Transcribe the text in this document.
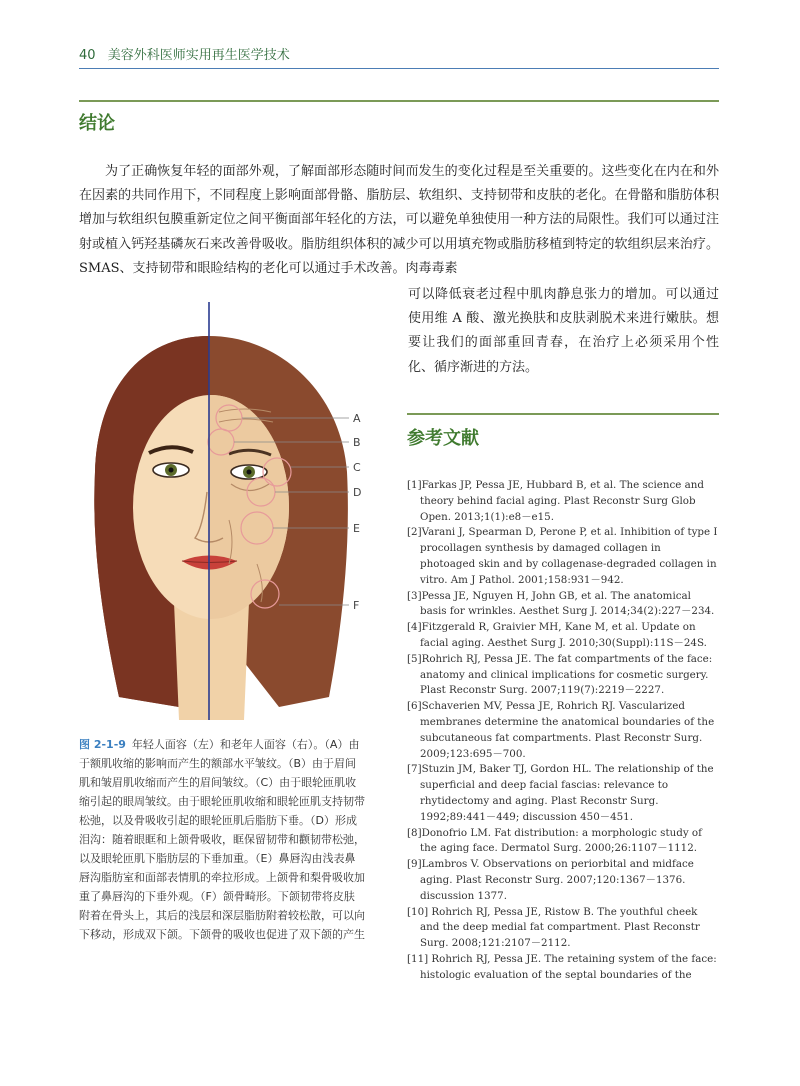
40 美容外科医师实用再生医学技术
结论

为了正确恢复年轻的面部外观，了解面部形态随时间而发生的变化过程是至关重要的。这些变化在内在和外在因素的共同作用下，不同程度上影响面部骨骼、脂肪层、软组织、支持韧带和皮肤的老化。在骨骼和脂肪体积增加与软组织包膜重新定位之间平衡面部年轻化的方法，可以避免单独使用一种方法的局限性。我们可以通过注射或植入钙羟基磷灰石来改善骨吸收。脂肪组织体积的减少可以用填充物或脂肪移植到特定的软组织层来治疗。SMAS、支持韧带和眼睑结构的老化可以通过手术改善。肉毒毒素

可以降低衰老过程中肌肉静息张力的增加。可以通过使用维 A 酸、激光换肤和皮肤剥脱术来进行嫩肤。想要让我们的面部重回青春，在治疗上必须采用个性化、循序渐进的方法。

A
B
C
D
E
F

图 2-1-9 年轻人面容（左）和老年人面容（右）。（A）由于额肌收缩的影响而产生的额部水平皱纹。（B）由于眉间肌和皱眉肌收缩而产生的眉间皱纹。（C）由于眼轮匝肌收缩引起的眼周皱纹。由于眼轮匝肌收缩和眼轮匝肌支持韧带松弛，以及骨吸收引起的眼轮匝肌后脂肪下垂。（D）形成泪沟：随着眼眶和上颌骨吸收，眶保留韧带和颧韧带松弛，以及眼轮匝肌下脂肪层的下垂加重。（E）鼻唇沟由浅表鼻唇沟脂肪室和面部表情肌的牵拉形成。上颌骨和梨骨吸收加重了鼻唇沟的下垂外观。（F）颌骨畸形。下颌韧带将皮肤附着在骨头上，其后的浅层和深层脂肪附着较松散，可以向下移动，形成双下颌。下颌骨的吸收也促进了双下颌的产生

参考文献
[1]Farkas JP, Pessa JE, Hubbard B, et al. The science and theory behind facial aging. Plast Reconstr Surg Glob Open. 2013;1(1):e8－e15.
[2]Varani J, Spearman D, Perone P, et al. Inhibition of type I procollagen synthesis by damaged collagen in photoaged skin and by collagenase-degraded collagen in vitro. Am J Pathol. 2001;158:931－942.
[3]Pessa JE, Nguyen H, John GB, et al. The anatomical basis for wrinkles. Aesthet Surg J. 2014;34(2):227－234.
[4]Fitzgerald R, Graivier MH, Kane M, et al. Update on facial aging. Aesthet Surg J. 2010;30(Suppl):11S－24S.
[5]Rohrich RJ, Pessa JE. The fat compartments of the face: anatomy and clinical implications for cosmetic surgery. Plast Reconstr Surg. 2007;119(7):2219－2227.
[6]Schaverien MV, Pessa JE, Rohrich RJ. Vascularized membranes determine the anatomical boundaries of the subcutaneous fat compartments. Plast Reconstr Surg. 2009;123:695－700.
[7]Stuzin JM, Baker TJ, Gordon HL. The relationship of the superficial and deep facial fascias: relevance to rhytidectomy and aging. Plast Reconstr Surg. 1992;89:441－449; discussion 450－451.
[8]Donofrio LM. Fat distribution: a morphologic study of the aging face. Dermatol Surg. 2000;26:1107－1112.
[9]Lambros V. Observations on periorbital and midface aging. Plast Reconstr Surg. 2007;120:1367－1376. discussion 1377.
[10] Rohrich RJ, Pessa JE, Ristow B. The youthful cheek and the deep medial fat compartment. Plast Reconstr Surg. 2008;121:2107－2112.
[11] Rohrich RJ, Pessa JE. The retaining system of the face: histologic evaluation of the septal boundaries of the
